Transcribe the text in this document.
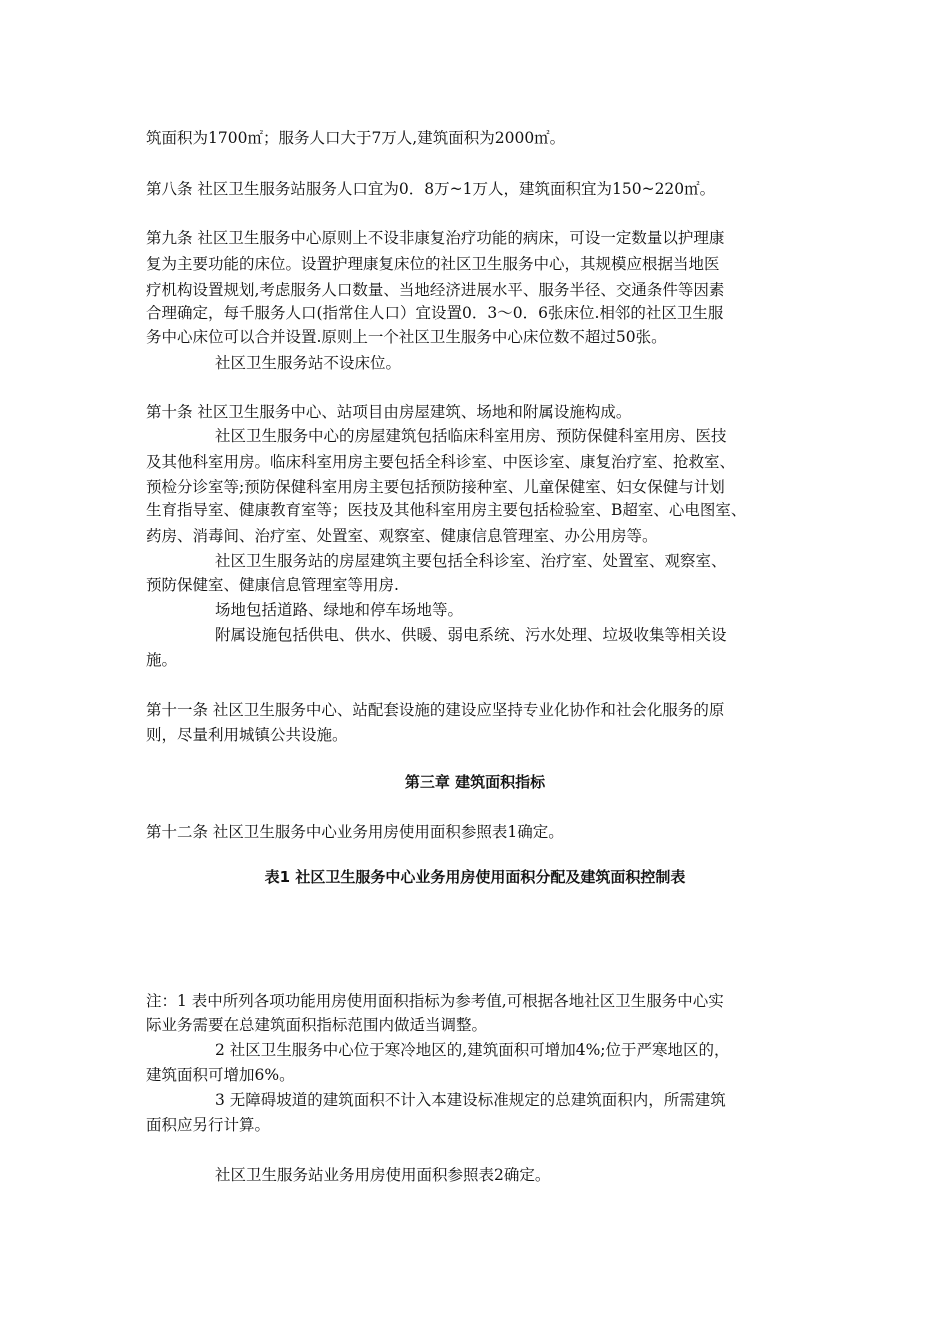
筑面积为1700㎡；服务人口大于7万人,建筑面积为2000㎡。
第八条 社区卫生服务站服务人口宜为0．8万~1万人，建筑面积宜为150~220㎡。
第九条 社区卫生服务中心原则上不设非康复治疗功能的病床，可设一定数量以护理康
复为主要功能的床位。设置护理康复床位的社区卫生服务中心，其规模应根据当地医
疗机构设置规划,考虑服务人口数量、当地经济进展水平、服务半径、交通条件等因素
合理确定，每千服务人口(指常住人口）宜设置0．3～0．6张床位.相邻的社区卫生服
务中心床位可以合并设置.原则上一个社区卫生服务中心床位数不超过50张。
社区卫生服务站不设床位。
第十条 社区卫生服务中心、站项目由房屋建筑、场地和附属设施构成。
社区卫生服务中心的房屋建筑包括临床科室用房、预防保健科室用房、医技
及其他科室用房。临床科室用房主要包括全科诊室、中医诊室、康复治疗室、抢救室、
预检分诊室等;预防保健科室用房主要包括预防接种室、儿童保健室、妇女保健与计划
生育指导室、健康教育室等；医技及其他科室用房主要包括检验室、B超室、心电图室、
药房、消毒间、治疗室、处置室、观察室、健康信息管理室、办公用房等。
社区卫生服务站的房屋建筑主要包括全科诊室、治疗室、处置室、观察室、
预防保健室、健康信息管理室等用房.
场地包括道路、绿地和停车场地等。
附属设施包括供电、供水、供暖、弱电系统、污水处理、垃圾收集等相关设
施。
第十一条 社区卫生服务中心、站配套设施的建设应坚持专业化协作和社会化服务的原
则，尽量利用城镇公共设施。
第三章 建筑面积指标
第十二条 社区卫生服务中心业务用房使用面积参照表1确定。
表1 社区卫生服务中心业务用房使用面积分配及建筑面积控制表
注：1 表中所列各项功能用房使用面积指标为参考值,可根据各地社区卫生服务中心实
际业务需要在总建筑面积指标范围内做适当调整。
2 社区卫生服务中心位于寒冷地区的,建筑面积可增加4%;位于严寒地区的，
建筑面积可增加6%。
3 无障碍坡道的建筑面积不计入本建设标准规定的总建筑面积内，所需建筑
面积应另行计算。
社区卫生服务站业务用房使用面积参照表2确定。
